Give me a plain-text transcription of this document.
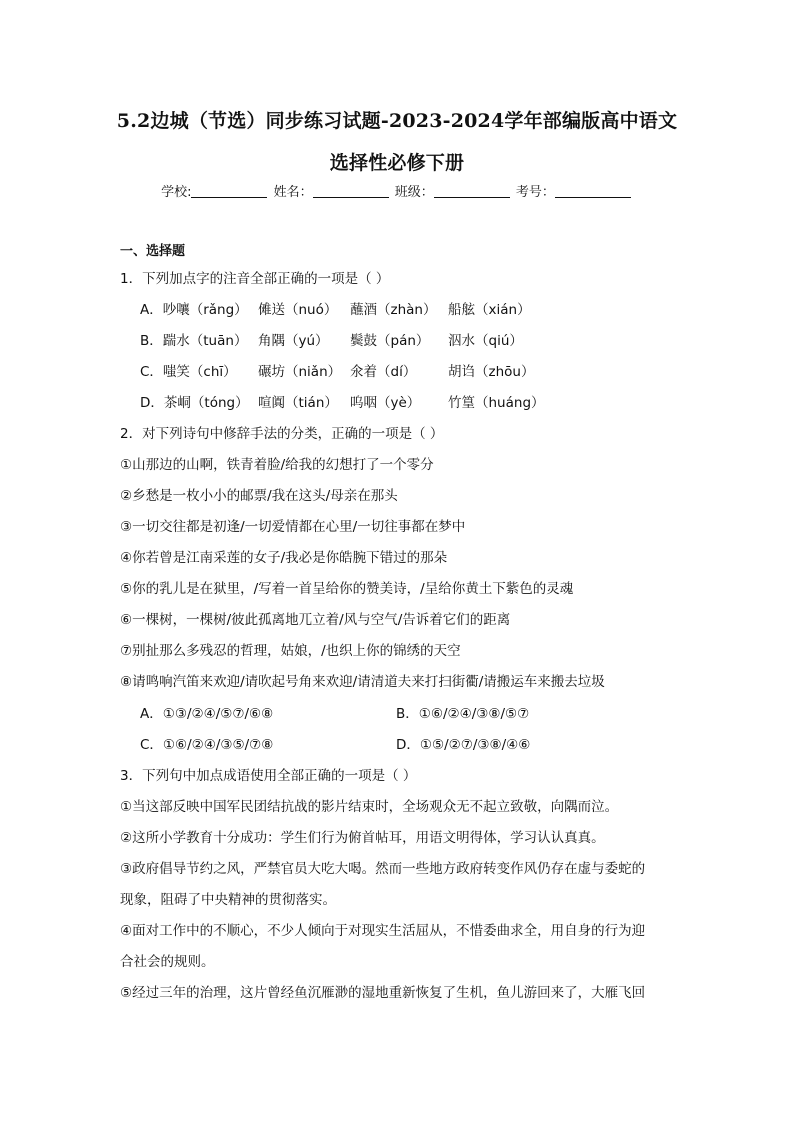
5.2边城（节选）同步练习试题-2023-2024学年部编版高中语文
选择性必修下册
学校:	姓名：	班级：	考号：
一、选择题
1．下列加点字的注音全部正确的一项是（ ）
A．吵嚷（rǎng） 傩送（nuó） 蘸酒（zhàn） 船舷（xián）
B．踹水（tuān） 角隅（yú） 鬓鼓（pán） 泅水（qiú）
C．嗤笑（chī） 碾坊（niǎn） 氽着（dí） 胡诌（zhōu）
D．茶峒（tóng） 喧阗（tián） 呜咽（yè） 竹篁（huáng）
2．对下列诗句中修辞手法的分类，正确的一项是（ ）
①山那边的山啊，铁青着脸/给我的幻想打了一个零分
②乡愁是一枚小小的邮票/我在这头/母亲在那头
③一切交往都是初逢/一切爱情都在心里/一切往事都在梦中
④你若曾是江南采莲的女子/我必是你皓腕下错过的那朵
⑤你的乳儿是在狱里，/写着一首呈给你的赞美诗，/呈给你黄土下紫色的灵魂
⑥一棵树，一棵树/彼此孤离地兀立着/风与空气/告诉着它们的距离
⑦别扯那么多残忍的哲理，姑娘，/也织上你的锦绣的天空
⑧请鸣响汽笛来欢迎/请吹起号角来欢迎/请清道夫来打扫街衢/请搬运车来搬去垃圾
A．①③/②④/⑤⑦/⑥⑧	B．①⑥/②④/③⑧/⑤⑦
C．①⑥/②④/③⑤/⑦⑧	D．①⑤/②⑦/③⑧/④⑥
3．下列句中加点成语使用全部正确的一项是（ ）
①当这部反映中国军民团结抗战的影片结束时，全场观众无不起立致敬，向隅而泣。
②这所小学教育十分成功：学生们行为俯首帖耳，用语文明得体，学习认认真真。
③政府倡导节约之风，严禁官员大吃大喝。然而一些地方政府转变作风仍存在虚与委蛇的
现象，阻碍了中央精神的贯彻落实。
④面对工作中的不顺心，不少人倾向于对现实生活屈从，不惜委曲求全，用自身的行为迎
合社会的规则。
⑤经过三年的治理，这片曾经鱼沉雁渺的湿地重新恢复了生机，鱼儿游回来了，大雁飞回
